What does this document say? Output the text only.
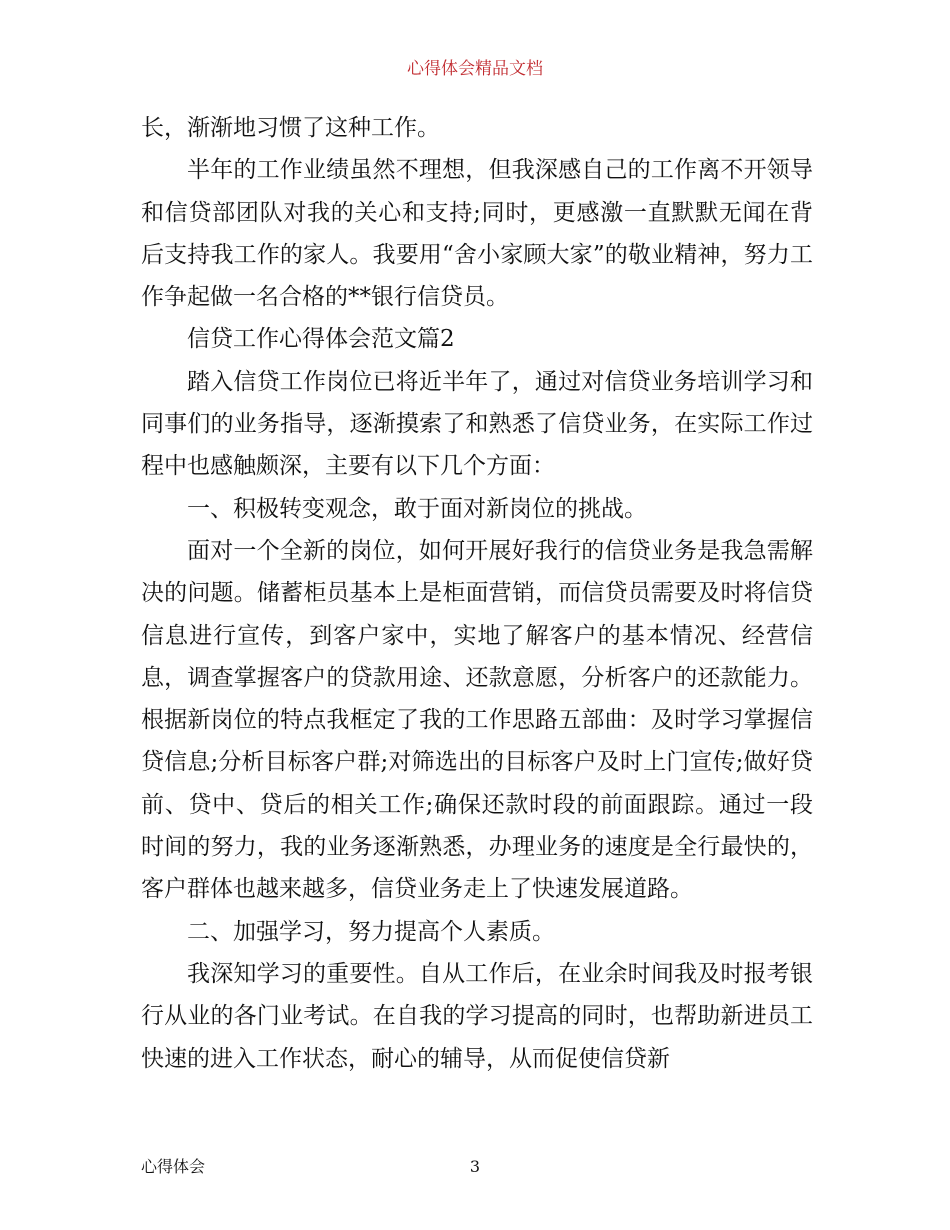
心得体会精品文档

长，渐渐地习惯了这种工作。

半年的工作业绩虽然不理想，但我深感自己的工作离不开领导和信贷部团队对我的关心和支持;同时，更感激一直默默无闻在背后支持我工作的家人。我要用“舍小家顾大家”的敬业精神，努力工作争起做一名合格的**银行信贷员。

信贷工作心得体会范文篇2

踏入信贷工作岗位已将近半年了，通过对信贷业务培训学习和同事们的业务指导，逐渐摸索了和熟悉了信贷业务，在实际工作过程中也感触颇深，主要有以下几个方面：

一、积极转变观念，敢于面对新岗位的挑战。

面对一个全新的岗位，如何开展好我行的信贷业务是我急需解决的问题。储蓄柜员基本上是柜面营销，而信贷员需要及时将信贷信息进行宣传，到客户家中，实地了解客户的基本情况、经营信息，调查掌握客户的贷款用途、还款意愿，分析客户的还款能力。根据新岗位的特点我框定了我的工作思路五部曲：及时学习掌握信贷信息;分析目标客户群;对筛选出的目标客户及时上门宣传;做好贷前、贷中、贷后的相关工作;确保还款时段的前面跟踪。通过一段时间的努力，我的业务逐渐熟悉，办理业务的速度是全行最快的，客户群体也越来越多，信贷业务走上了快速发展道路。

二、加强学习，努力提高个人素质。

我深知学习的重要性。自从工作后，在业余时间我及时报考银行从业的各门业考试。在自我的学习提高的同时，也帮助新进员工快速的进入工作状态，耐心的辅导，从而促使信贷新

心得体会	3
